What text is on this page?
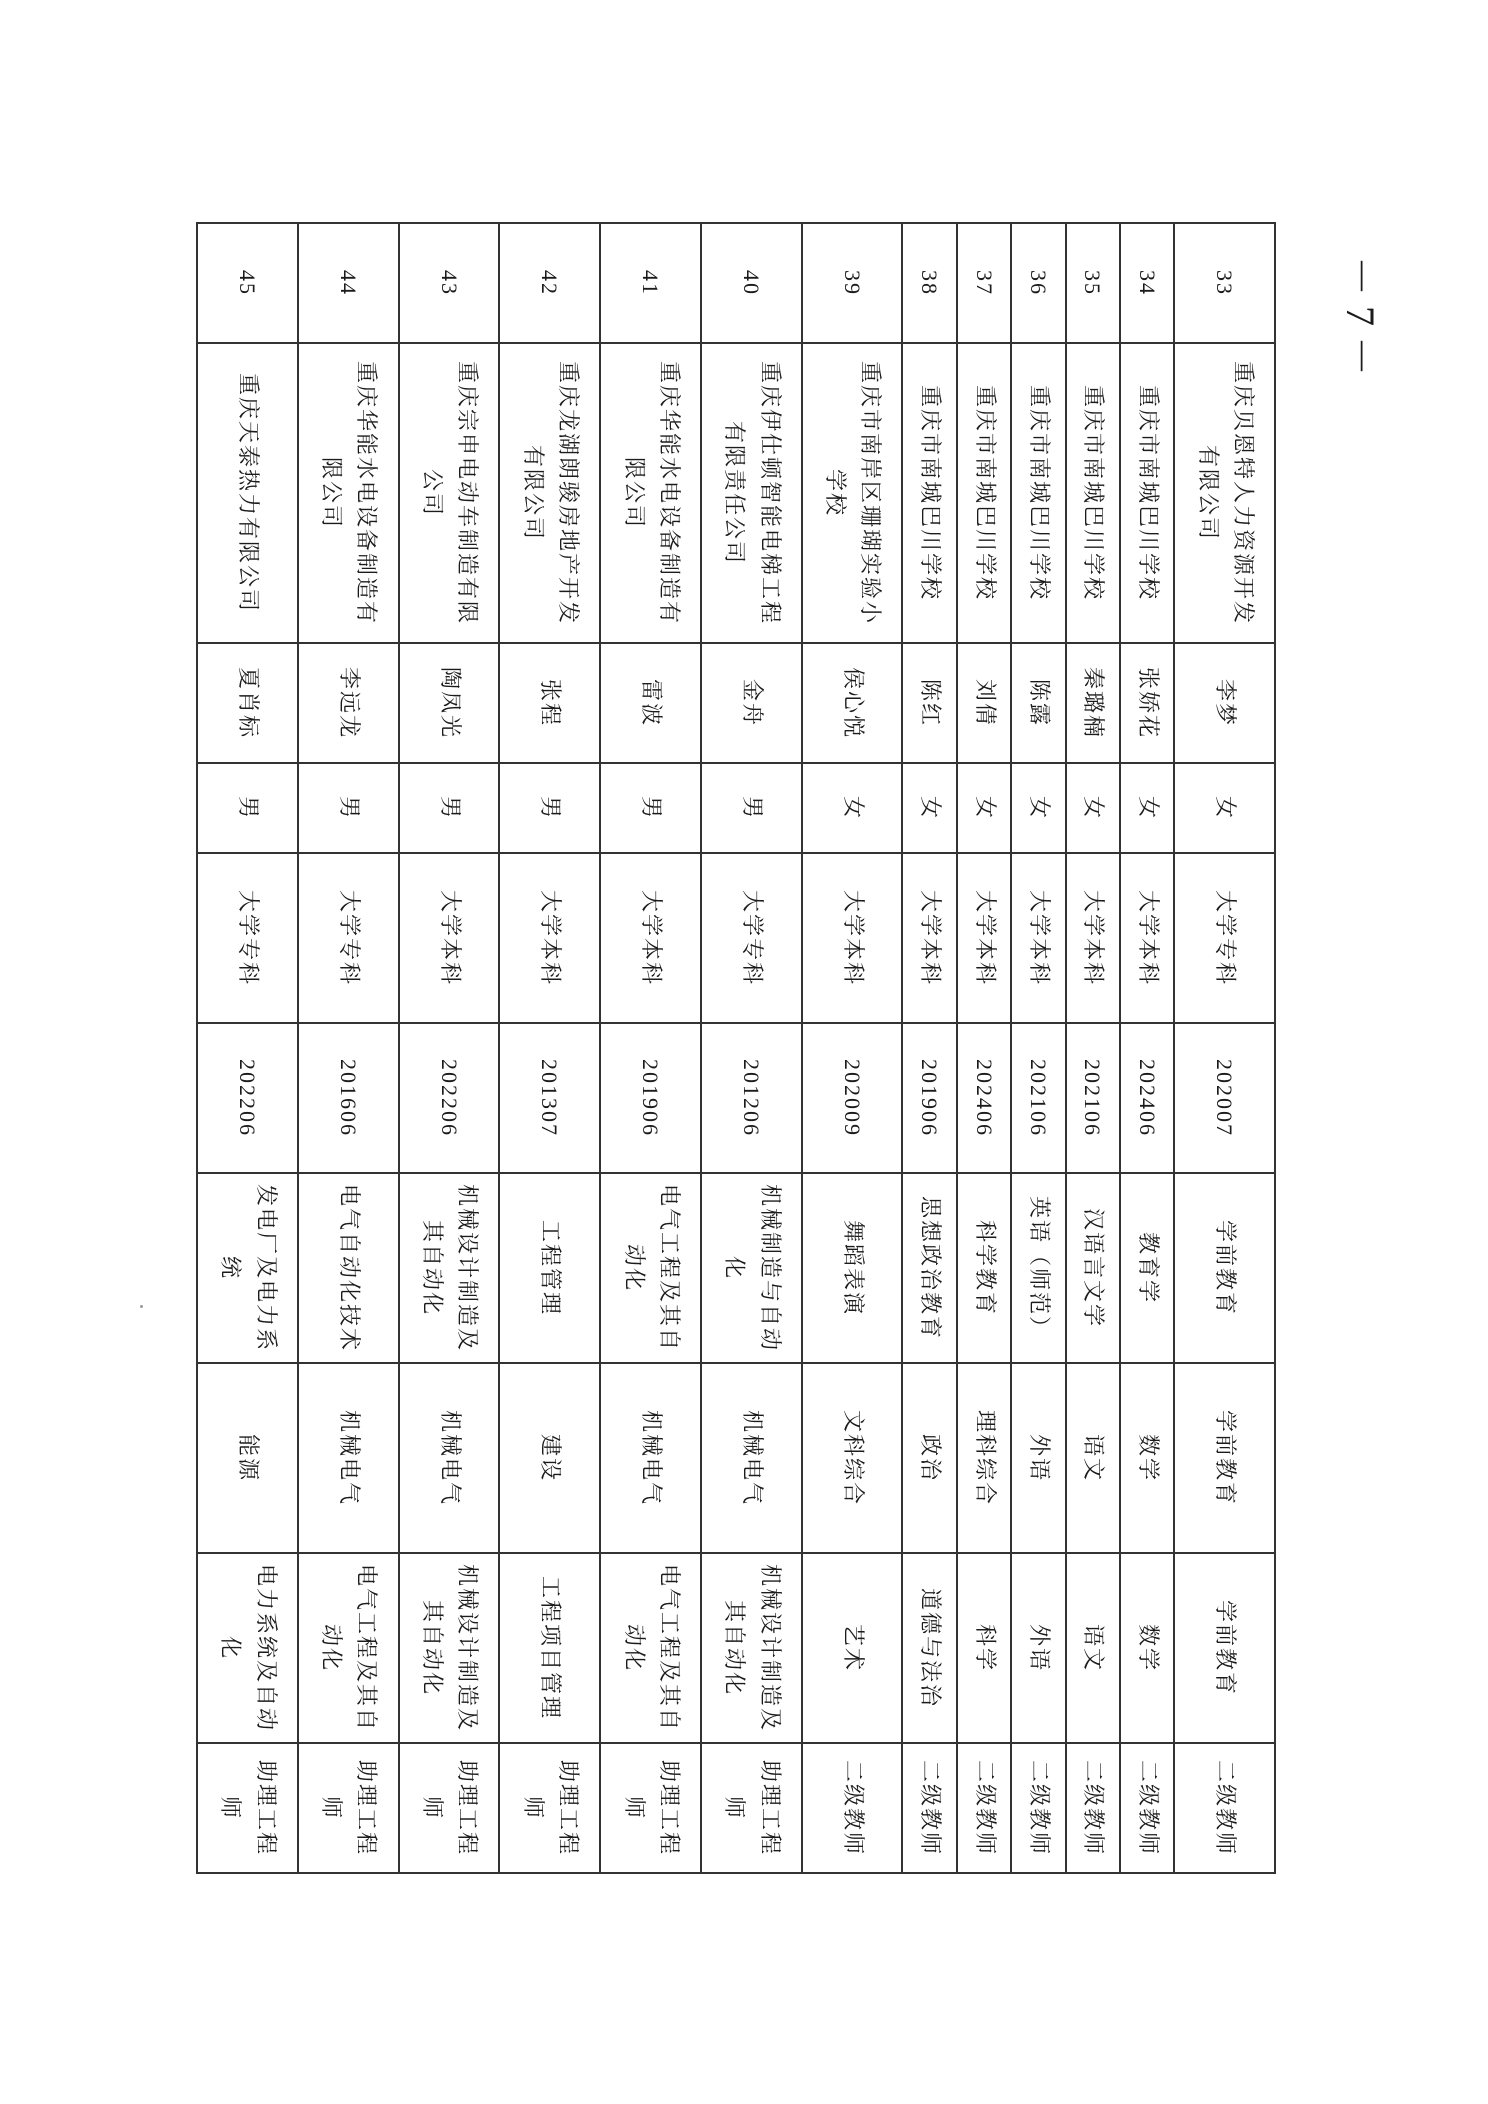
33	重庆贝恩特人力资源开发有限公司	李梦	女	大学专科	202007	学前教育	学前教育	学前教育	二级教师
34	重庆市南城巴川学校	张娇花	女	大学本科	202406	教育学	数学	数学	二级教师
35	重庆市南城巴川学校	秦璐楠	女	大学本科	202106	汉语言文学	语文	语文	二级教师
36	重庆市南城巴川学校	陈露	女	大学本科	202106	英语（师范）	外语	外语	二级教师
37	重庆市南城巴川学校	刘倩	女	大学本科	202406	科学教育	理科综合	科学	二级教师
38	重庆市南城巴川学校	陈红	女	大学本科	201906	思想政治教育	政治	道德与法治	二级教师
39	重庆市南岸区珊瑚实验小学校	侯心悦	女	大学本科	202009	舞蹈表演	文科综合	艺术	二级教师
40	重庆伊仕顿智能电梯工程有限责任公司	金舟	男	大学专科	201206	机械制造与自动化	机械电气	机械设计制造及其自动化	助理工程师
41	重庆华能水电设备制造有限公司	雷波	男	大学本科	201906	电气工程及其自动化	机械电气	电气工程及其自动化	助理工程师
42	重庆龙湖朗骏房地产开发有限公司	张程	男	大学本科	201307	工程管理	建设	工程项目管理	助理工程师
43	重庆宗申电动车制造有限公司	陶凤光	男	大学本科	202206	机械设计制造及其自动化	机械电气	机械设计制造及其自动化	助理工程师
44	重庆华能水电设备制造有限公司	李远龙	男	大学专科	201606	电气自动化技术	机械电气	电气工程及其自动化	助理工程师
45	重庆天泰热力有限公司	夏肖标	男	大学专科	202206	发电厂及电力系统	能源	电力系统及自动化	助理工程师
－ 7 －
